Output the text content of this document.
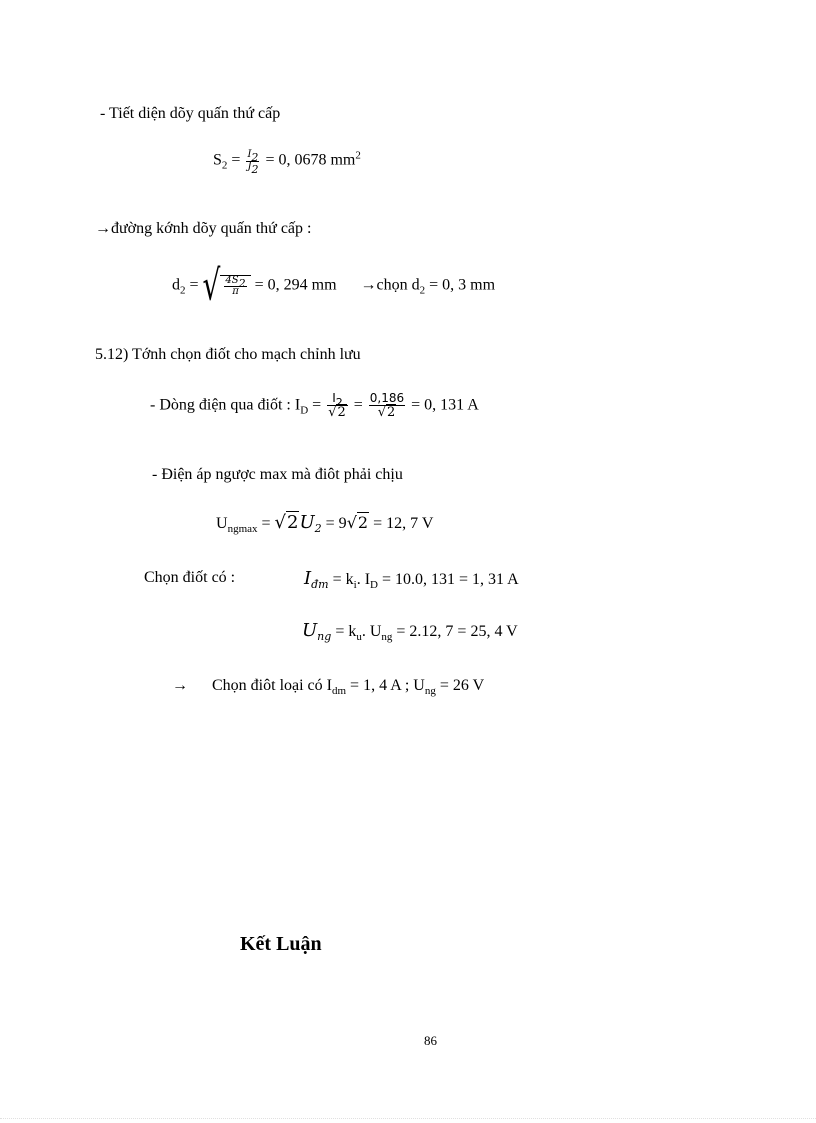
- Tiết diện dõy quấn thứ cấp
$S_2 = \frac{I_2}{J_2} = 0$, 0678 $mm^2$
→đường kớnh dõy quấn thứ cấp :
$d_2$ = √ $\frac{4S_2}{\pi} = 0$, 294 mm →chọn $d_2 = 0$, 3 mm
5.12) Tớnh chọn điốt cho mạch chỉnh lưu
- Dòng điện qua điốt : $I_D = \frac{I_2}{√2} = \frac{0,186}{√2} = 0$, 131 A
- Điện áp ngược max mà điôt phải chịu
$U_{ngmax} = √2U_2 = 9√2 = 12$, 7 V
Chọn điốt có :	$I_{đm} = k_i$. $I_D = 10.0$, 131 = 1, 31 A
$U_{ng} = k_u$. $U_{ng} = 2.12$, 7 = 25, 4 V
→ Chọn điôt loại có $I_{dm} = 1$, 4 A ; $U_{ng} = 26$ V
Kết Luận
86
